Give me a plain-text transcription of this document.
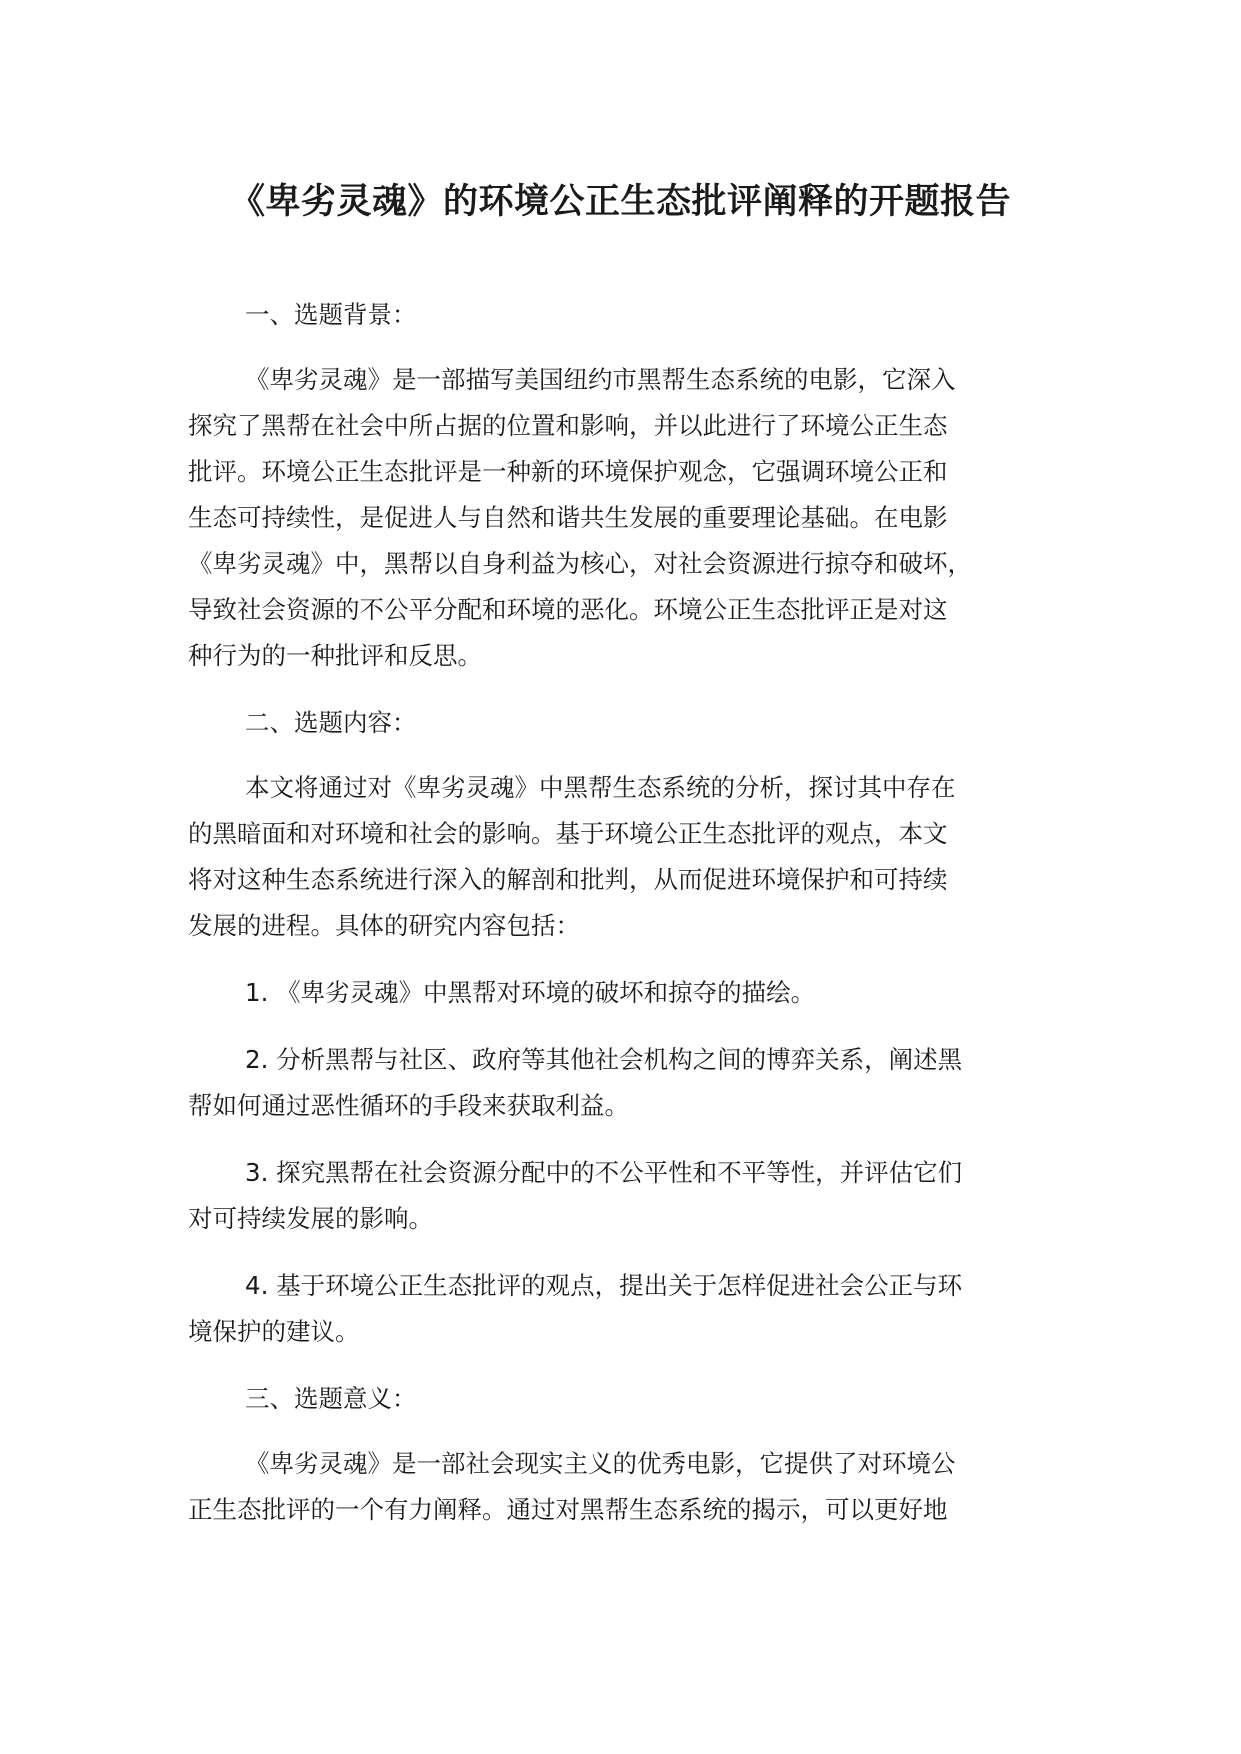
《卑劣灵魂》的环境公正生态批评阐释的开题报告

一、选题背景：

《卑劣灵魂》是一部描写美国纽约市黑帮生态系统的电影，它深入
探究了黑帮在社会中所占据的位置和影响，并以此进行了环境公正生态
批评。环境公正生态批评是一种新的环境保护观念，它强调环境公正和
生态可持续性，是促进人与自然和谐共生发展的重要理论基础。在电影
《卑劣灵魂》中，黑帮以自身利益为核心，对社会资源进行掠夺和破坏，
导致社会资源的不公平分配和环境的恶化。环境公正生态批评正是对这
种行为的一种批评和反思。

二、选题内容：

本文将通过对《卑劣灵魂》中黑帮生态系统的分析，探讨其中存在
的黑暗面和对环境和社会的影响。基于环境公正生态批评的观点，本文
将对这种生态系统进行深入的解剖和批判，从而促进环境保护和可持续
发展的进程。具体的研究内容包括：

1. 《卑劣灵魂》中黑帮对环境的破坏和掠夺的描绘。

2. 分析黑帮与社区、政府等其他社会机构之间的博弈关系，阐述黑
帮如何通过恶性循环的手段来获取利益。

3. 探究黑帮在社会资源分配中的不公平性和不平等性，并评估它们
对可持续发展的影响。

4. 基于环境公正生态批评的观点，提出关于怎样促进社会公正与环
境保护的建议。

三、选题意义：

《卑劣灵魂》是一部社会现实主义的优秀电影，它提供了对环境公
正生态批评的一个有力阐释。通过对黑帮生态系统的揭示，可以更好地
